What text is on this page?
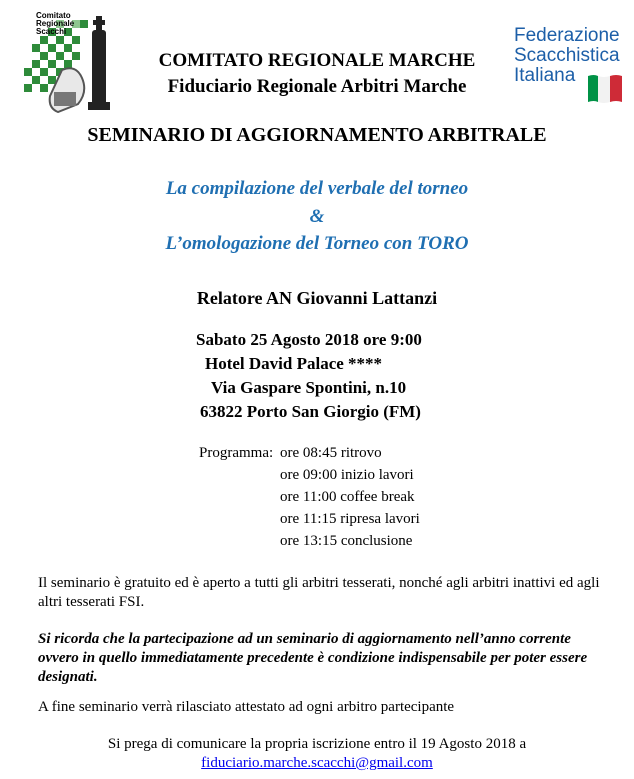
Comitato Regionale Scacchi	Federazione
Scacchistica
Italiana
COMITATO REGIONALE MARCHE
Fiduciario Regionale Arbitri Marche
SEMINARIO DI AGGIORNAMENTO ARBITRALE
La compilazione del verbale del torneo
&
L’omologazione del Torneo con TORO
Relatore AN Giovanni Lattanzi
Sabato 25 Agosto 2018 ore 9:00
Hotel David Palace ****
Via Gaspare Spontini, n.10
63822 Porto San Giorgio (FM)
Programma: ore 08:45 ritrovo
ore 09:00 inizio lavori
ore 11:00 coffee break
ore 11:15 ripresa lavori
ore 13:15 conclusione
Il seminario è gratuito ed è aperto a tutti gli arbitri tesserati, nonché agli arbitri inattivi ed agli altri tesserati FSI.
Si ricorda che la partecipazione ad un seminario di aggiornamento nell’anno corrente ovvero in quello immediatamente precedente è condizione indispensabile per poter essere designati.
A fine seminario verrà rilasciato attestato ad ogni arbitro partecipante
Si prega di comunicare la propria iscrizione entro il 19 Agosto 2018 a
fiduciario.marche.scacchi@gmail.com
